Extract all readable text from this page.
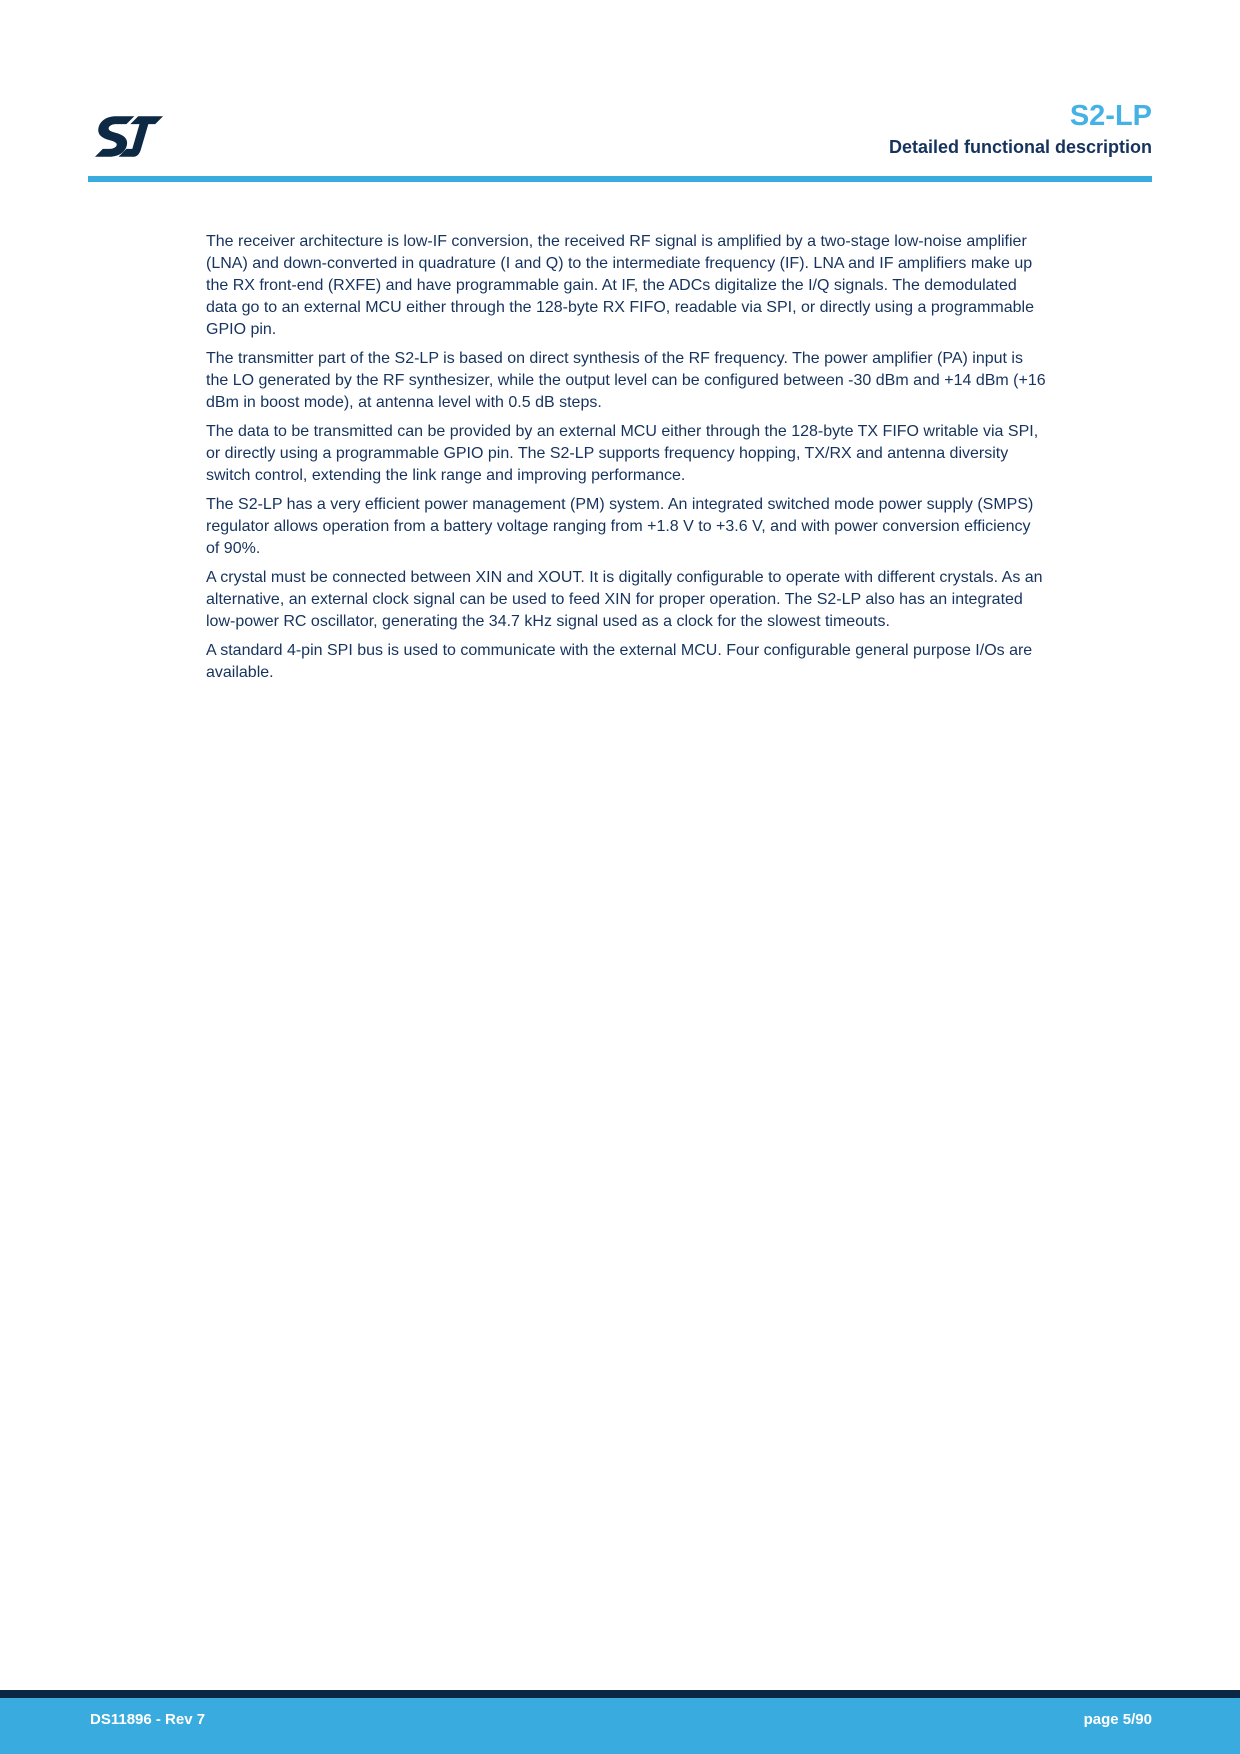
S2-LP
Detailed functional description

The receiver architecture is low-IF conversion, the received RF signal is amplified by a two-stage low-noise amplifier (LNA) and down-converted in quadrature (I and Q) to the intermediate frequency (IF). LNA and IF amplifiers make up the RX front-end (RXFE) and have programmable gain. At IF, the ADCs digitalize the I/Q signals. The demodulated data go to an external MCU either through the 128-byte RX FIFO, readable via SPI, or directly using a programmable GPIO pin.

The transmitter part of the S2-LP is based on direct synthesis of the RF frequency. The power amplifier (PA) input is the LO generated by the RF synthesizer, while the output level can be configured between -30 dBm and +14 dBm (+16 dBm in boost mode), at antenna level with 0.5 dB steps.

The data to be transmitted can be provided by an external MCU either through the 128-byte TX FIFO writable via SPI, or directly using a programmable GPIO pin. The S2-LP supports frequency hopping, TX/RX and antenna diversity switch control, extending the link range and improving performance.

The S2-LP has a very efficient power management (PM) system. An integrated switched mode power supply (SMPS) regulator allows operation from a battery voltage ranging from +1.8 V to +3.6 V, and with power conversion efficiency of 90%.

A crystal must be connected between XIN and XOUT. It is digitally configurable to operate with different crystals. As an alternative, an external clock signal can be used to feed XIN for proper operation. The S2-LP also has an integrated low-power RC oscillator, generating the 34.7 kHz signal used as a clock for the slowest timeouts.

A standard 4-pin SPI bus is used to communicate with the external MCU. Four configurable general purpose I/Os are available.

DS11896 - Rev 7	page 5/90
